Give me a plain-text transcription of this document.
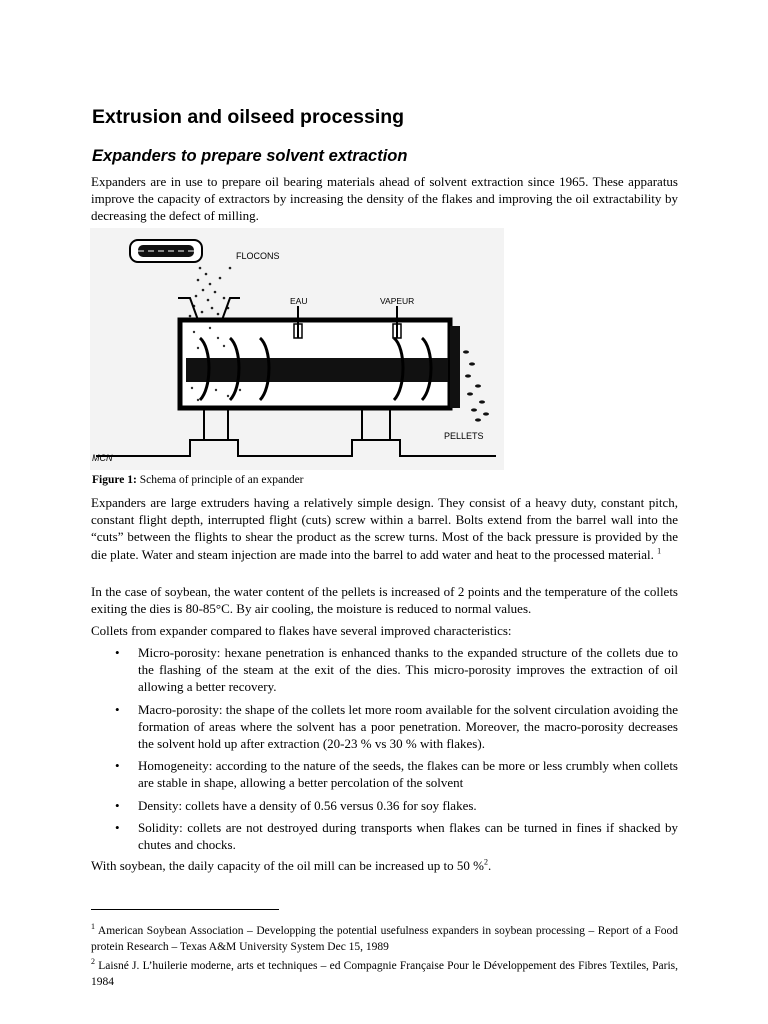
Extrusion and oilseed processing
Expanders to prepare solvent extraction

Expanders are in use to prepare oil bearing materials ahead of solvent extraction since 1965. These apparatus improve the capacity of extractors by increasing the density of the flakes and improving the oil extractability by decreasing the defect of milling.

FLOCONS
EAU	VAPEUR
PELLETS
MCN
Figure 1: Schema of principle of an expander

Expanders are large extruders having a relatively simple design. They consist of a heavy duty, constant pitch, constant flight depth, interrupted flight (cuts) screw within a barrel. Bolts extend from the barrel wall into the “cuts” between the flights to shear the product as the screw turns. Most of the back pressure is provided by the die plate. Water and steam injection are made into the barrel to add water and heat to the processed material. $^1$

In the case of soybean, the water content of the pellets is increased of 2 points and the temperature of the collets exiting the dies is 80-85°C. By air cooling, the moisture is reduced to normal values.

Collets from expander compared to flakes have several improved characteristics:

• Micro-porosity: hexane penetration is enhanced thanks to the expanded structure of the collets due to the flashing of the steam at the exit of the dies. This micro-porosity improves the extraction of oil allowing a better recovery.
• Macro-porosity: the shape of the collets let more room available for the solvent circulation avoiding the formation of areas where the solvent has a poor penetration. Moreover, the macro-porosity decreases the solvent hold up after extraction (20-23 % vs 30 % with flakes).
• Homogeneity: according to the nature of the seeds, the flakes can be more or less crumbly when collets are stable in shape, allowing a better percolation of the solvent
• Density: collets have a density of 0.56 versus 0.36 for soy flakes.
• Solidity: collets are not destroyed during transports when flakes can be turned in fines if shacked by chutes and chocks.

With soybean, the daily capacity of the oil mill can be increased up to 50 %$^2$.

$^1$ American Soybean Association – Developping the potential usefulness expanders in soybean processing – Report of a Food protein Research – Texas A&M University System Dec 15, 1989

$^2$ Laisné J. L’huilerie moderne, arts et techniques – ed Compagnie Française Pour le Développement des Fibres Textiles, Paris, 1984
